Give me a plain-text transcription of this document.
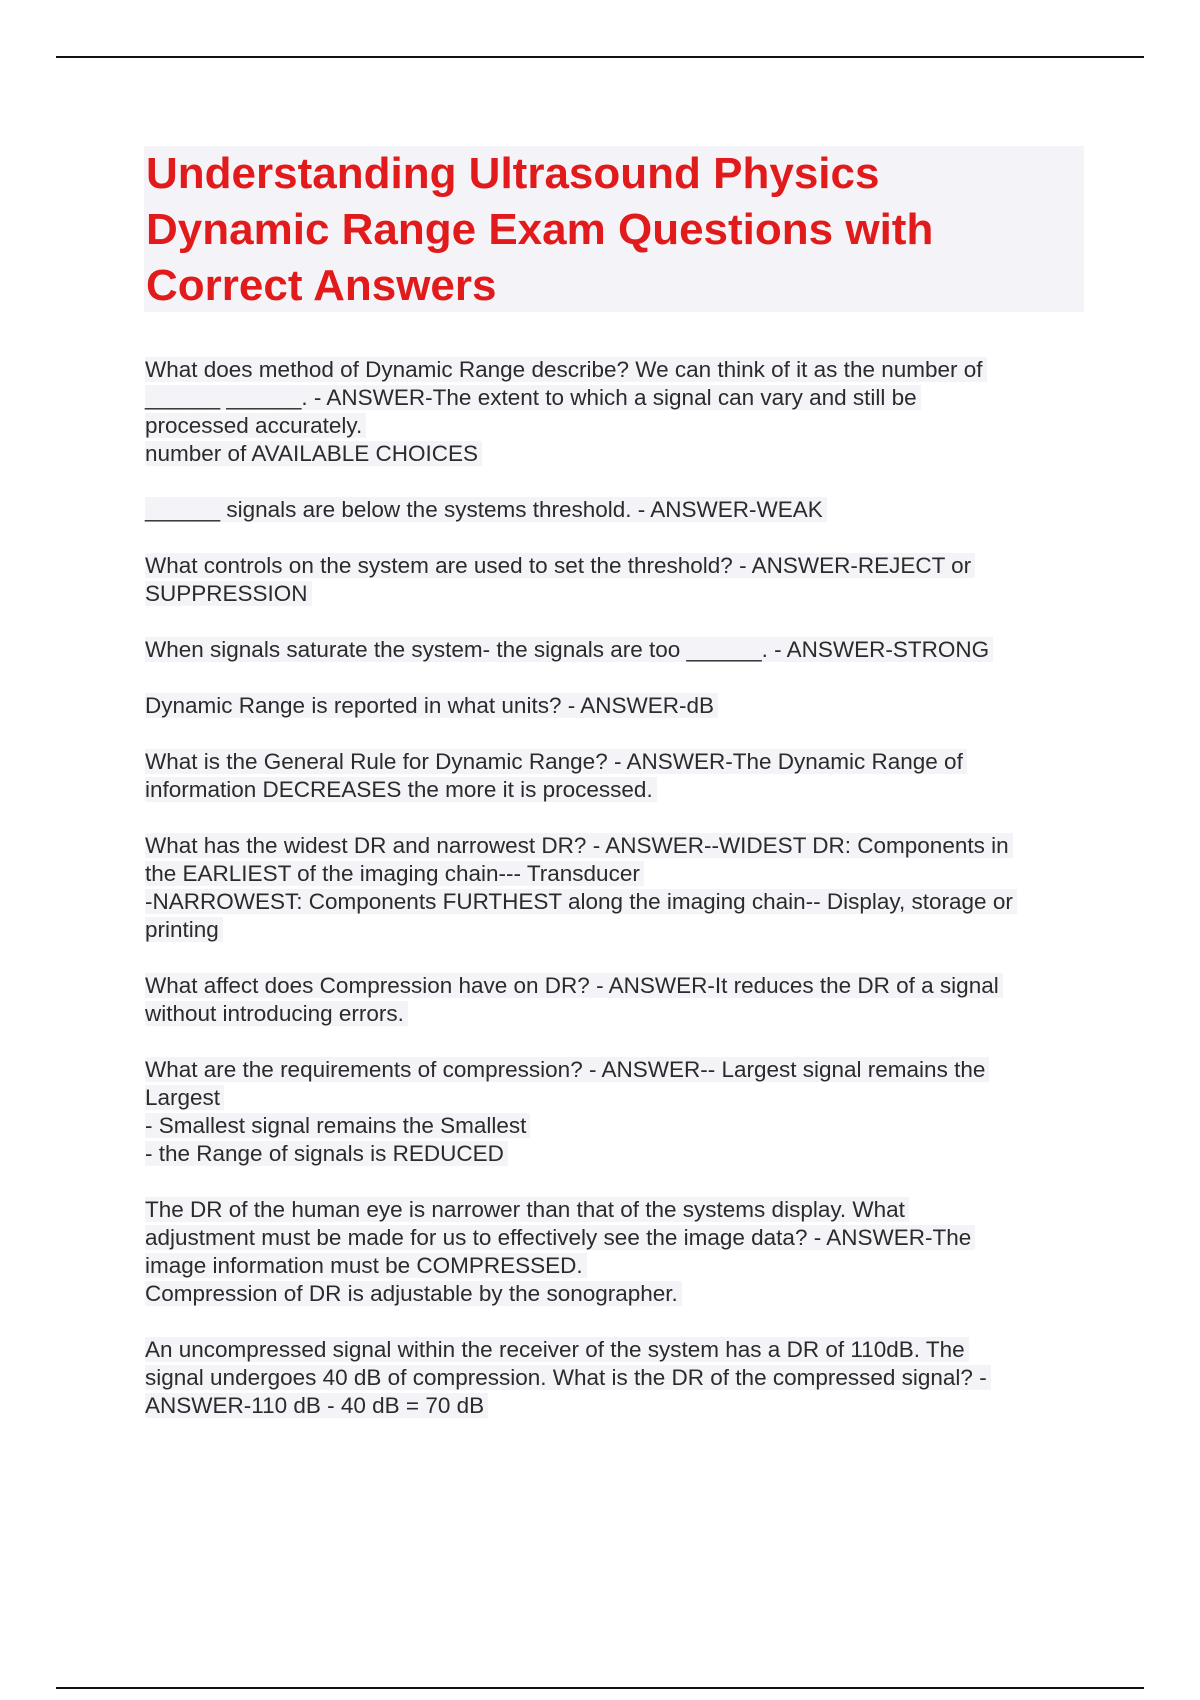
Understanding Ultrasound Physics
Dynamic Range Exam Questions with
Correct Answers
What does method of Dynamic Range describe? We can think of it as the number of
______ ______. - ANSWER-The extent to which a signal can vary and still be
processed accurately.
number of AVAILABLE CHOICES
______ signals are below the systems threshold. - ANSWER-WEAK
What controls on the system are used to set the threshold? - ANSWER-REJECT or
SUPPRESSION
When signals saturate the system- the signals are too ______. - ANSWER-STRONG
Dynamic Range is reported in what units? - ANSWER-dB
What is the General Rule for Dynamic Range? - ANSWER-The Dynamic Range of
information DECREASES the more it is processed.
What has the widest DR and narrowest DR? - ANSWER--WIDEST DR: Components in
the EARLIEST of the imaging chain--- Transducer
-NARROWEST: Components FURTHEST along the imaging chain-- Display, storage or
printing
What affect does Compression have on DR? - ANSWER-It reduces the DR of a signal
without introducing errors.
What are the requirements of compression? - ANSWER-- Largest signal remains the
Largest
- Smallest signal remains the Smallest
- the Range of signals is REDUCED
The DR of the human eye is narrower than that of the systems display. What
adjustment must be made for us to effectively see the image data? - ANSWER-The
image information must be COMPRESSED.
Compression of DR is adjustable by the sonographer.
An uncompressed signal within the receiver of the system has a DR of 110dB. The
signal undergoes 40 dB of compression. What is the DR of the compressed signal? -
ANSWER-110 dB - 40 dB = 70 dB
